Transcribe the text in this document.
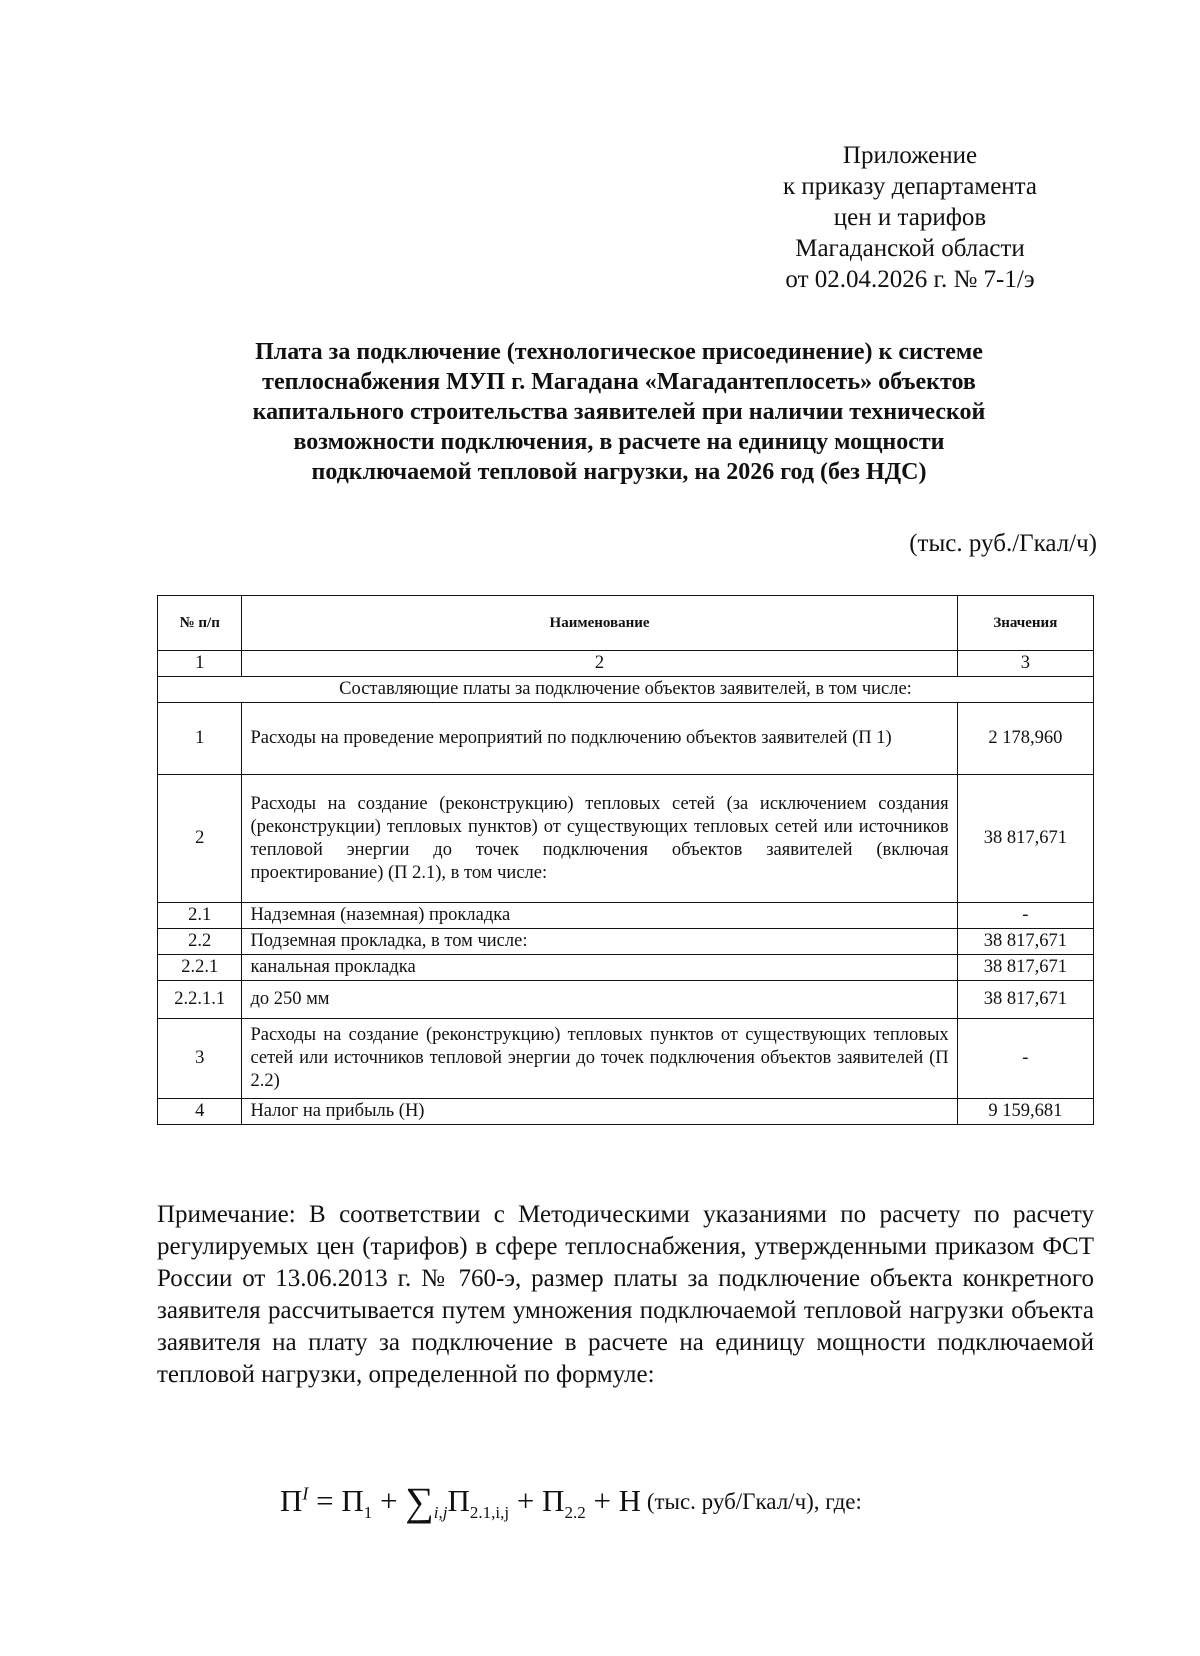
Приложение
к приказу департамента
цен и тарифов
Магаданской области
от 02.04.2026 г. № 7-1/э
Плата за подключение (технологическое присоединение) к системе
теплоснабжения МУП г. Магадана «Магадантеплосеть» объектов
капитального строительства заявителей при наличии технической
возможности подключения, в расчете на единицу мощности
подключаемой тепловой нагрузки, на 2026 год (без НДС)
(тыс. руб./Гкал/ч)
№ п/п	Наименование	Значения
1	2	3
Составляющие платы за подключение объектов заявителей, в том числе:		
1	Расходы на проведение мероприятий по подключению объектов заявителей (П 1)	2 178,960
2	Расходы на создание (реконструкцию) тепловых сетей (за исключением создания (реконструкции) тепловых пунктов) от существующих тепловых сетей или источников тепловой энергии до точек подключения объектов заявителей (включая проектирование) (П 2.1), в том числе:	38 817,671
2.1	Надземная (наземная) прокладка	-
2.2	Подземная прокладка, в том числе:	38 817,671
2.2.1	канальная прокладка	38 817,671
2.2.1.1	до 250 мм	38 817,671
3	Расходы на создание (реконструкцию) тепловых пунктов от существующих тепловых сетей или источников тепловой энергии до точек подключения объектов заявителей (П 2.2)	-
4	Налог на прибыль (Н)	9 159,681
Примечание: В соответствии с Методическими указаниями по расчету по расчету регулируемых цен (тарифов) в сфере теплоснабжения, утвержденными приказом ФСТ России от 13.06.2013 г. № 760-э, размер платы за подключение объекта конкретного заявителя рассчитывается путем умножения подключаемой тепловой нагрузки объекта заявителя на плату за подключение в расчете на единицу мощности подключаемой тепловой нагрузки, определенной по формуле:
$П^I = П_1 + \sum_{i,j}П_{2.1,i,j} + П_{2.2} + Н$ (тыс. руб/Гкал/ч), где:
